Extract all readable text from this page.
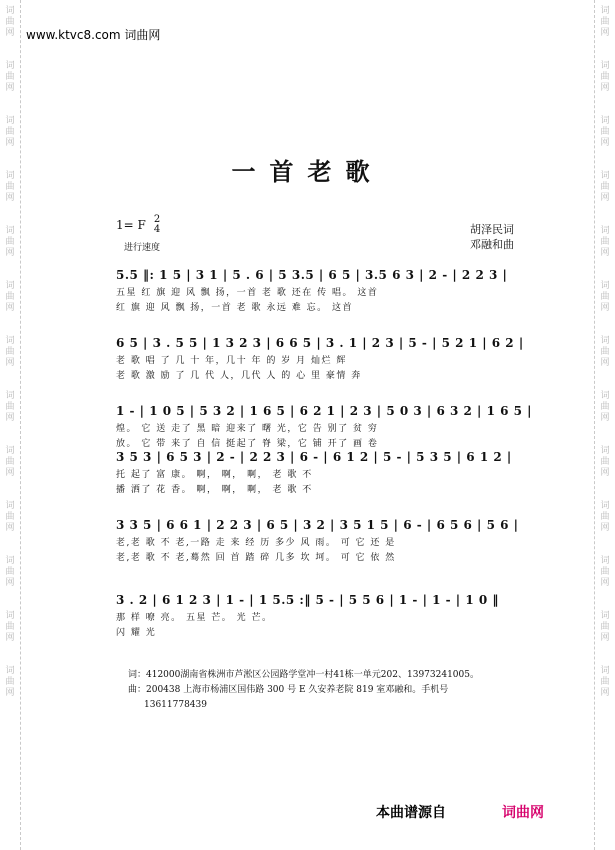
词
曲
网
词
曲
网
词
曲
网
词
曲
网
词
曲
网
词
曲
网
词
曲
网
词
曲
网
词
曲
网
词
曲
网
词
曲
网
词
曲
网
词
曲
网
词
曲
网
词
曲
网
词
曲
网
词
曲
网
词
曲
网
词
曲
网
词
曲
网
词
曲
网
词
曲
网
词
曲
网
词
曲
网
词
曲
网
词
曲
网
www.ktvc8.com 词曲网
一首老歌
1= F 2
4
进行速度
胡泽民词
邓融和曲
5.5 ‖: 1 5 | 3 1 | 5 . 6 | 5 3.5 | 6 5 | 3.5 6 3 | 2 - | 2 2 3 |
五星 红 旗 迎 风 飘 扬，一首 老 歌 还在 传 唱。 这首
红 旗 迎 风 飘 扬，一首 老 歌 永远 难 忘。 这首
6 5 | 3 . 5 5 | 1 3 2 3 | 6 6 5 | 3 . 1 | 2 3 | 5 - | 5 2 1 | 6 2 |
老 歌 唱 了 几 十 年，几十 年 的 岁 月 灿烂 辉
老 歌 激 励 了 几 代 人，几代 人 的 心 里 豪情 奔
1 - | 1 0 5 | 5 3 2 | 1 6 5 | 6 2 1 | 2 3 | 5 0 3 | 6 3 2 | 1 6 5 |
煌。 它 送 走了 黑 暗 迎来了 曙 光，它 告 别了 贫 穷
放。 它 带 来了 自 信 挺起了 脊 梁，它 铺 开了 画 卷
3 5 3 | 6 5 3 | 2 - | 2 2 3 | 6 - | 6 1 2 | 5 - | 5 3 5 | 6 1 2 |
托 起了 富 康。 啊， 啊， 啊， 老 歌 不
播 洒了 花 香。 啊， 啊， 啊， 老 歌 不
3 3 5 | 6 6 1 | 2 2 3 | 6 5 | 3 2 | 3 5 1 5 | 6 - | 6 5 6 | 5 6 |
老,老 歌 不 老,一路 走 来 经 历 多少 风 雨。 可 它 还 是
老,老 歌 不 老,蓦然 回 首 踏 碎 几多 坎 坷。 可 它 依 然
3 . 2 | 6 1 2 3 | 1 - | 1 5.5 :‖ 5 - | 5 5 6 | 1 - | 1 - | 1 0 ‖
那 样 嘹 亮。 五星 芒。 光 芒。
闪 耀 光
词：412000湖南省株洲市芦淞区公园路学堂冲一村41栋一单元202、13973241005。
曲：200438 上海市杨浦区国伟路 300 号 E 久安养老院 819 室邓融和。手机号
13611778439
本曲谱源自	词曲网
